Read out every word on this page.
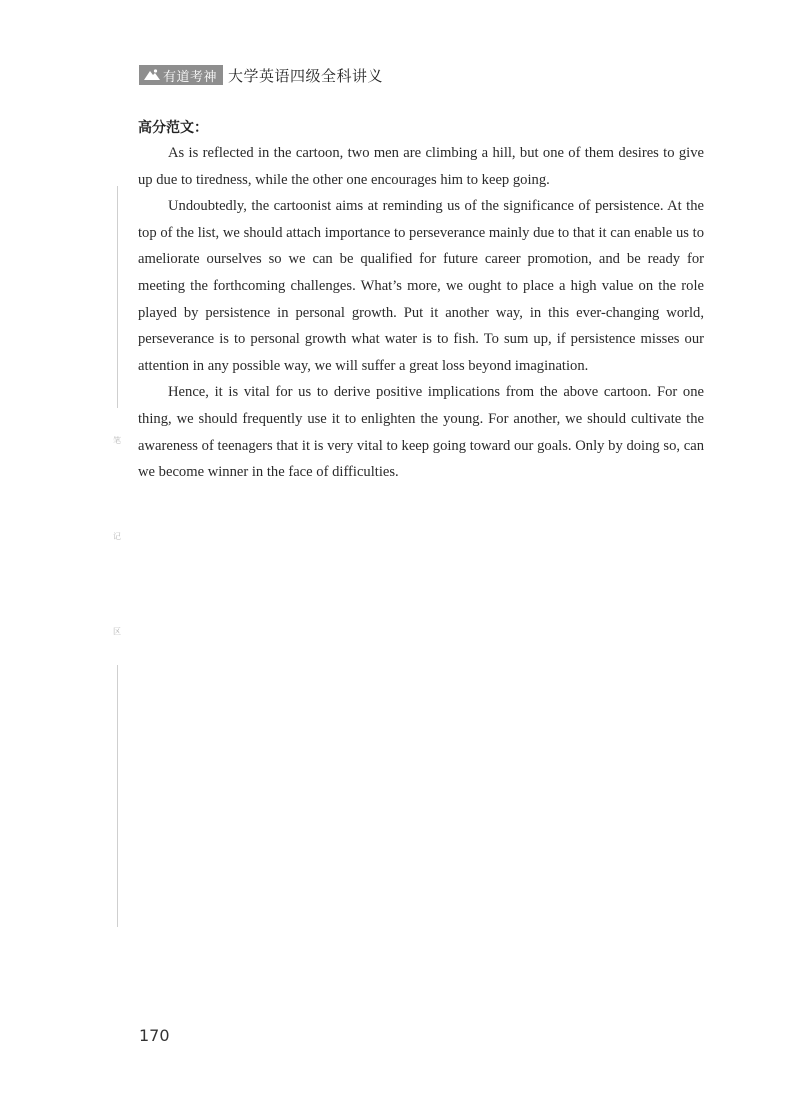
有道考神 大学英语四级全科讲义
笔
记
区
高分范文：

As is reflected in the cartoon, two men are climbing a hill, but one of them desires to give up due to tiredness, while the other one encourages him to keep going.

Undoubtedly, the cartoonist aims at reminding us of the significance of persistence. At the top of the list, we should attach importance to perseverance mainly due to that it can enable us to ameliorate ourselves so we can be qualified for future career promotion, and be ready for meeting the forthcoming challenges. What’s more, we ought to place a high value on the role played by persistence in personal growth. Put it another way, in this ever-changing world, perseverance is to personal growth what water is to fish. To sum up, if persistence misses our attention in any possible way, we will suffer a great loss beyond imagination.

Hence, it is vital for us to derive positive implications from the above cartoon. For one thing, we should frequently use it to enlighten the young. For another, we should cultivate the awareness of teenagers that it is very vital to keep going toward our goals. Only by doing so, can we become winner in the face of difficulties.

170
